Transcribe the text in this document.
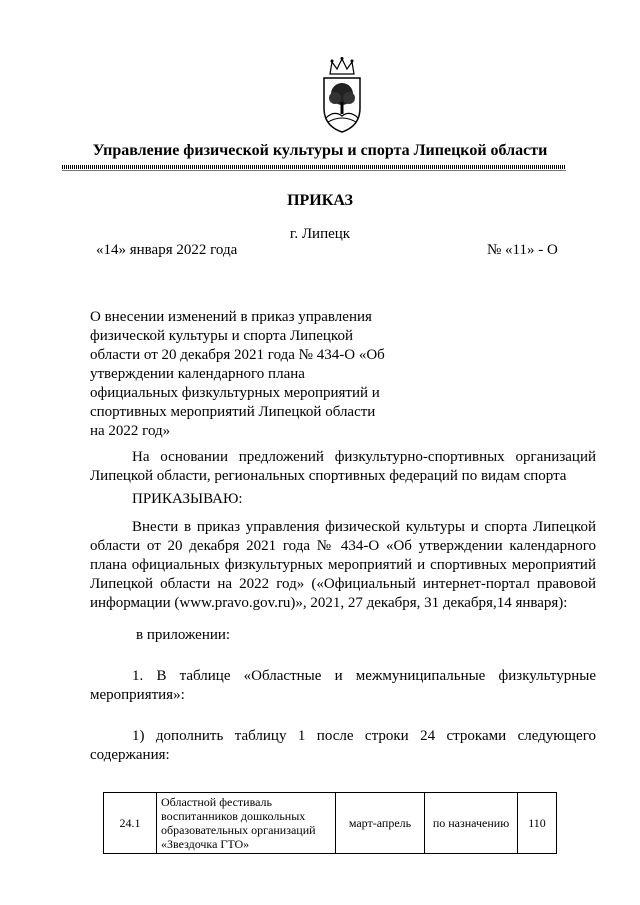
Управление физической культуры и спорта Липецкой области
ПРИКАЗ
г. Липецк
«14» января 2022 года	№ «11» - О
О внесении изменений в приказ управления физической культуры и спорта Липецкой области от 20 декабря 2021 года № 434-О «Об утверждении календарного плана официальных физкультурных мероприятий и спортивных мероприятий Липецкой области на 2022 год»
На основании предложений физкультурно-спортивных организаций Липецкой области, региональных спортивных федераций по видам спорта
ПРИКАЗЫВАЮ:
Внести в приказ управления физической культуры и спорта Липецкой области от 20 декабря 2021 года № 434-О «Об утверждении календарного плана официальных физкультурных мероприятий и спортивных мероприятий Липецкой области на 2022 год» («Официальный интернет-портал правовой информации (www.pravo.gov.ru)», 2021, 27 декабря, 31 декабря,14 января):
в приложении:
1. В таблице «Областные и межмуниципальные физкультурные мероприятия»:
1) дополнить таблицу 1 после строки 24 строками следующего содержания:
24.1	Областной фестиваль воспитанников дошкольных образовательных организаций «Звездочка ГТО»	март-апрель	по назначению	110
